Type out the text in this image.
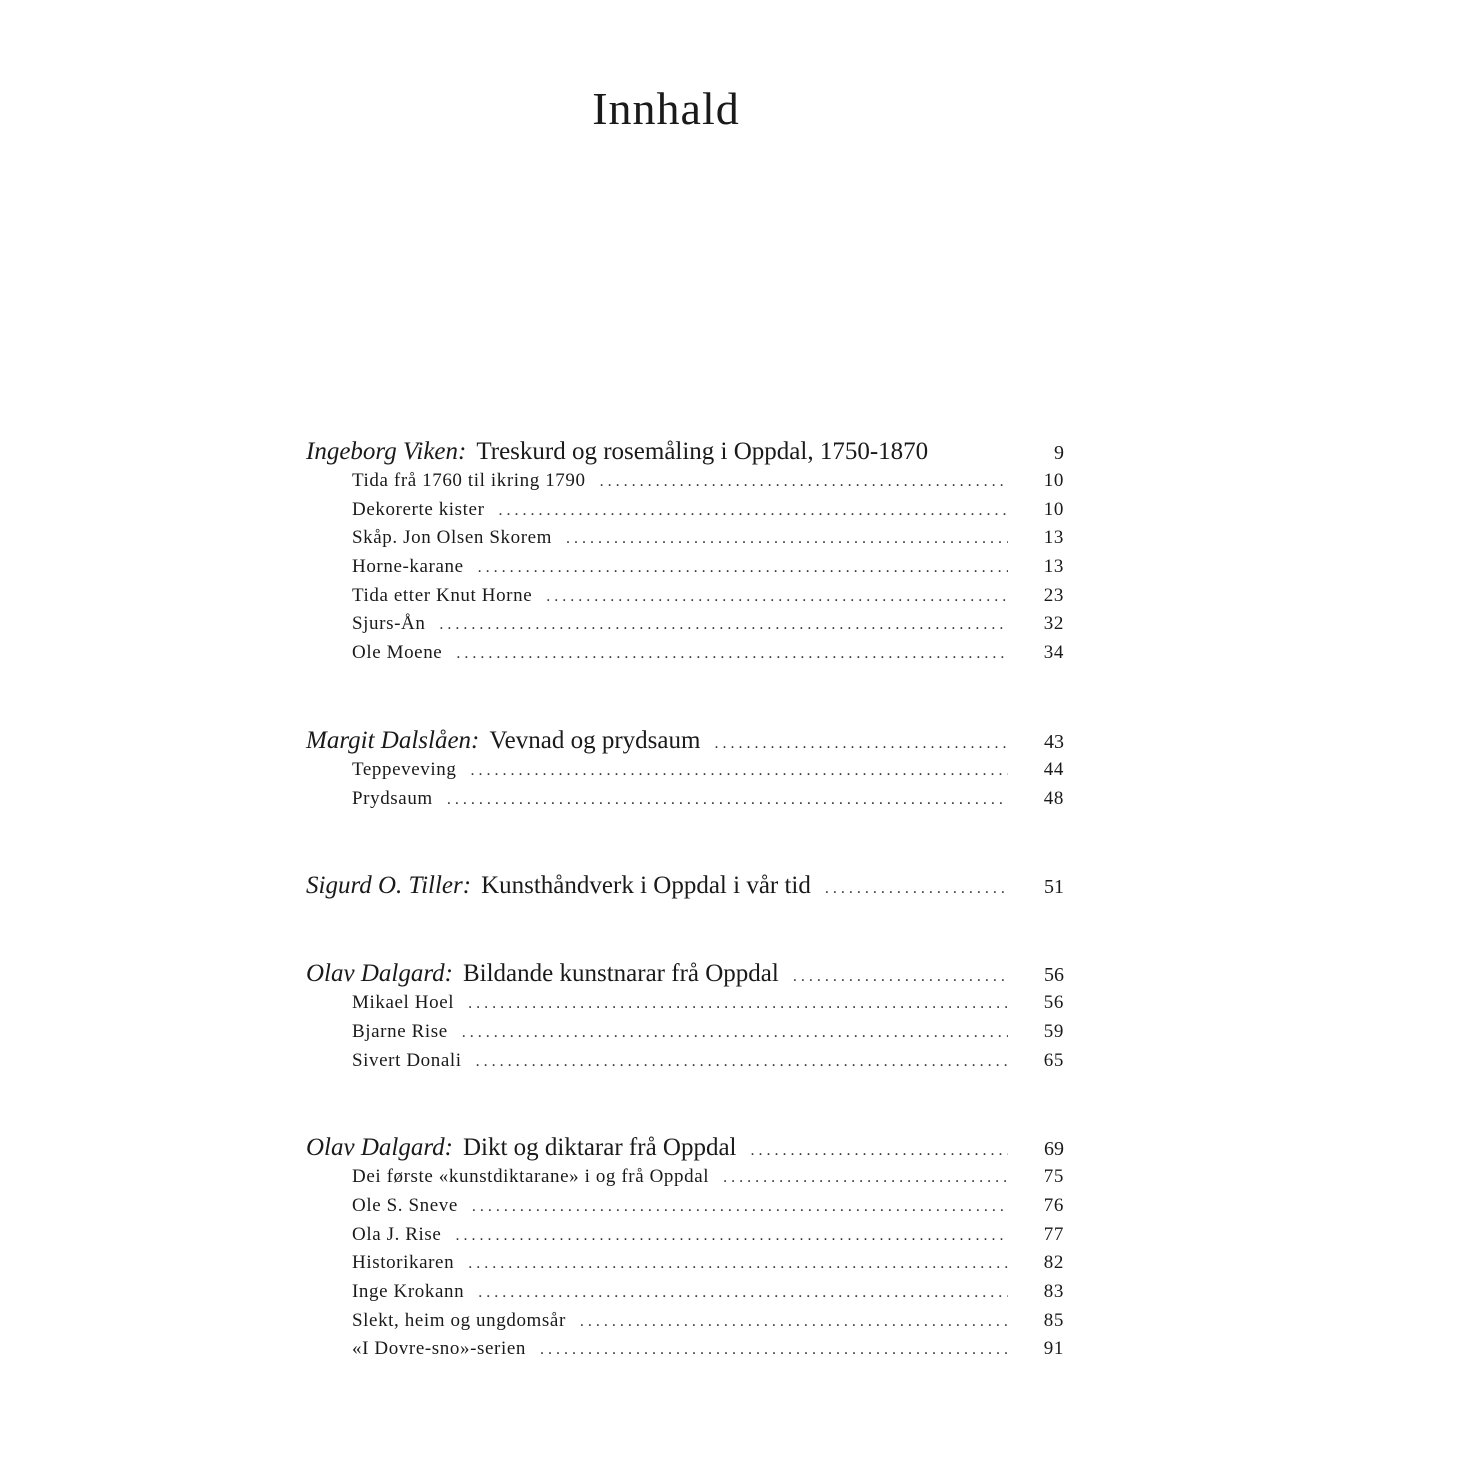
Innhald
Ingeborg Viken: Treskurd og rosemåling i Oppdal, 1750-1870	9
Tida frå 1760 til ikring 1790 . . .	10
Dekorerte kister . . .	10
Skåp. Jon Olsen Skorem . . .	13
Horne-karane . . .	13
Tida etter Knut Horne . . .	23
Sjurs-Ån . . .	32
Ole Moene . . .	34
Margit Dalslåen: Vevnad og prydsaum . . .	43
Teppeveving . . .	44
Prydsaum . . .	48
Sigurd O. Tiller: Kunsthåndverk i Oppdal i vår tid . . .	51
Olav Dalgard: Bildande kunstnarar frå Oppdal . . .	56
Mikael Hoel . . .	56
Bjarne Rise . . .	59
Sivert Donali . . .	65
Olav Dalgard: Dikt og diktarar frå Oppdal . . .	69
Dei første «kunstdiktarane» i og frå Oppdal . . .	75
Ole S. Sneve . . .	76
Ola J. Rise . . .	77
Historikaren . . .	82
Inge Krokann . . .	83
Slekt, heim og ungdomsår . . .	85
«I Dovre-sno»-serien . . .	91
